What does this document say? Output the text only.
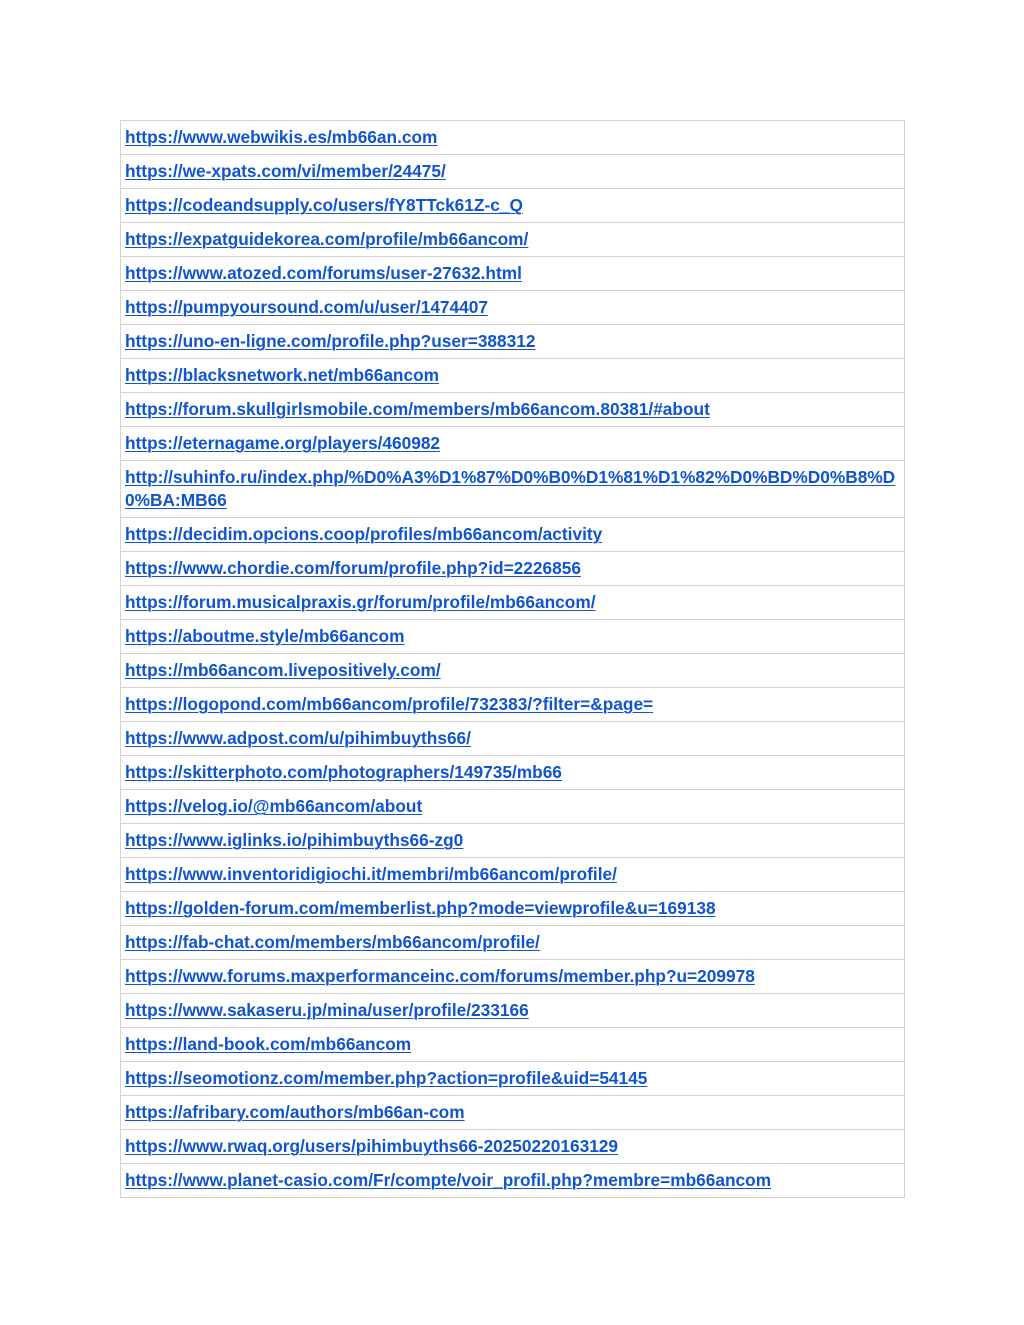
https://www.webwikis.es/mb66an.com
https://we-xpats.com/vi/member/24475/
https://codeandsupply.co/users/fY8TTck61Z-c_Q
https://expatguidekorea.com/profile/mb66ancom/
https://www.atozed.com/forums/user-27632.html
https://pumpyoursound.com/u/user/1474407
https://uno-en-ligne.com/profile.php?user=388312
https://blacksnetwork.net/mb66ancom
https://forum.skullgirlsmobile.com/members/mb66ancom.80381/#about
https://eternagame.org/players/460982
http://suhinfo.ru/index.php/%D0%A3%D1%87%D0%B0%D1%81%D1%82%D0%BD%D0%B8%D0%BA:MB66
https://decidim.opcions.coop/profiles/mb66ancom/activity
https://www.chordie.com/forum/profile.php?id=2226856
https://forum.musicalpraxis.gr/forum/profile/mb66ancom/
https://aboutme.style/mb66ancom
https://mb66ancom.livepositively.com/
https://logopond.com/mb66ancom/profile/732383/?filter=&page=
https://www.adpost.com/u/pihimbuyths66/
https://skitterphoto.com/photographers/149735/mb66
https://velog.io/@mb66ancom/about
https://www.iglinks.io/pihimbuyths66-zg0
https://www.inventoridigiochi.it/membri/mb66ancom/profile/
https://golden-forum.com/memberlist.php?mode=viewprofile&u=169138
https://fab-chat.com/members/mb66ancom/profile/
https://www.forums.maxperformanceinc.com/forums/member.php?u=209978
https://www.sakaseru.jp/mina/user/profile/233166
https://land-book.com/mb66ancom
https://seomotionz.com/member.php?action=profile&uid=54145
https://afribary.com/authors/mb66an-com
https://www.rwaq.org/users/pihimbuyths66-20250220163129
https://www.planet-casio.com/Fr/compte/voir_profil.php?membre=mb66ancom
